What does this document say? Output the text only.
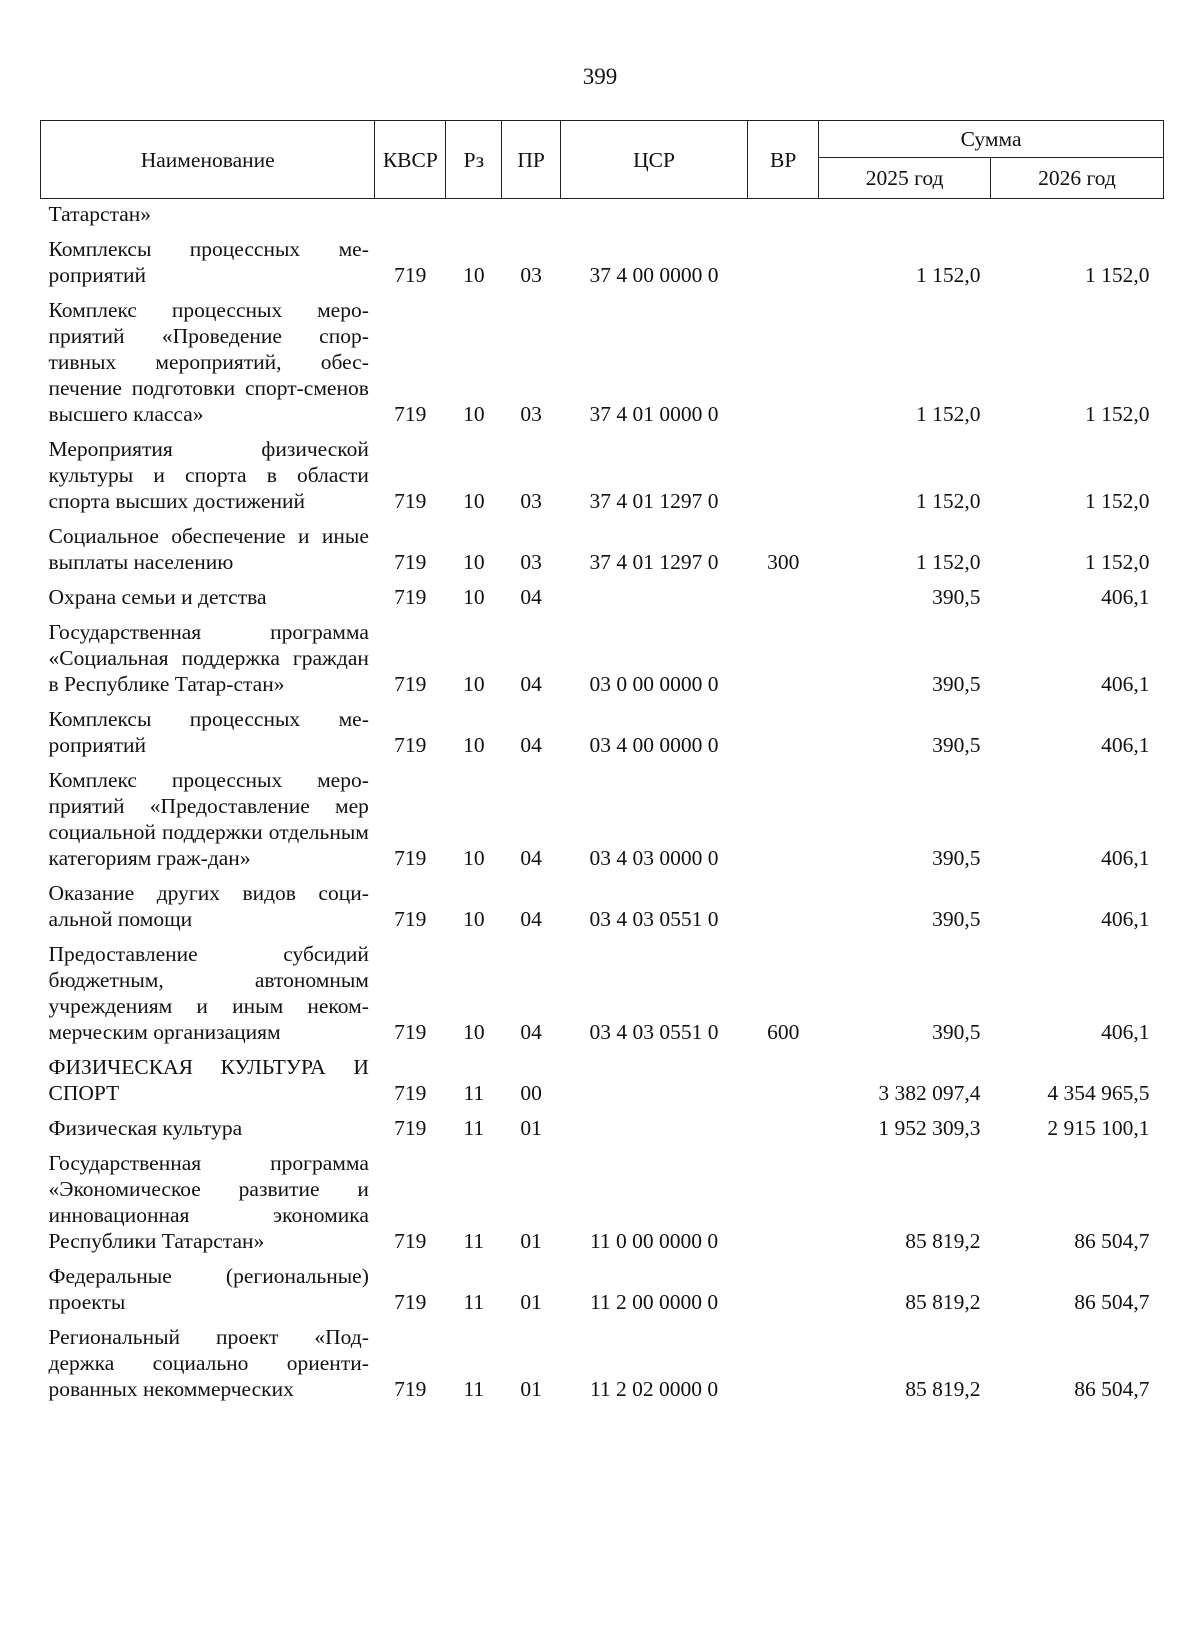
399
Наименование	КВСР	Рз	ПР	ЦСР	ВР	Сумма	
						2025 год	2026 год
Татарстан»							
Комплексы процессных ме-роприятий	719	10	03	37 4 00 0000 0		1 152,0	1 152,0
Комплекс процессных меро-приятий «Проведение спор-тивных мероприятий, обес-печение подготовки спорт-сменов высшего класса»	719	10	03	37 4 01 0000 0		1 152,0	1 152,0
Мероприятия физической культуры и спорта в области спорта высших достижений	719	10	03	37 4 01 1297 0		1 152,0	1 152,0
Социальное обеспечение и иные выплаты населению	719	10	03	37 4 01 1297 0	300	1 152,0	1 152,0
Охрана семьи и детства	719	10	04			390,5	406,1
Государственная программа «Социальная поддержка граждан в Республике Татар-стан»	719	10	04	03 0 00 0000 0		390,5	406,1
Комплексы процессных ме-роприятий	719	10	04	03 4 00 0000 0		390,5	406,1
Комплекс процессных меро-приятий «Предоставление мер социальной поддержки отдельным категориям граж-дан»	719	10	04	03 4 03 0000 0		390,5	406,1
Оказание других видов соци-альной помощи	719	10	04	03 4 03 0551 0		390,5	406,1
Предоставление субсидий бюджетным, автономным учреждениям и иным неком-мерческим организациям	719	10	04	03 4 03 0551 0	600	390,5	406,1
ФИЗИЧЕСКАЯ КУЛЬТУРА И СПОРТ	719	11	00			3 382 097,4	4 354 965,5
Физическая культура	719	11	01			1 952 309,3	2 915 100,1
Государственная программа «Экономическое развитие и инновационная экономика Республики Татарстан»	719	11	01	11 0 00 0000 0		85 819,2	86 504,7
Федеральные (региональные) проекты	719	11	01	11 2 00 0000 0		85 819,2	86 504,7
Региональный проект «Под-держка социально ориенти-рованных некоммерческих	719	11	01	11 2 02 0000 0		85 819,2	86 504,7
